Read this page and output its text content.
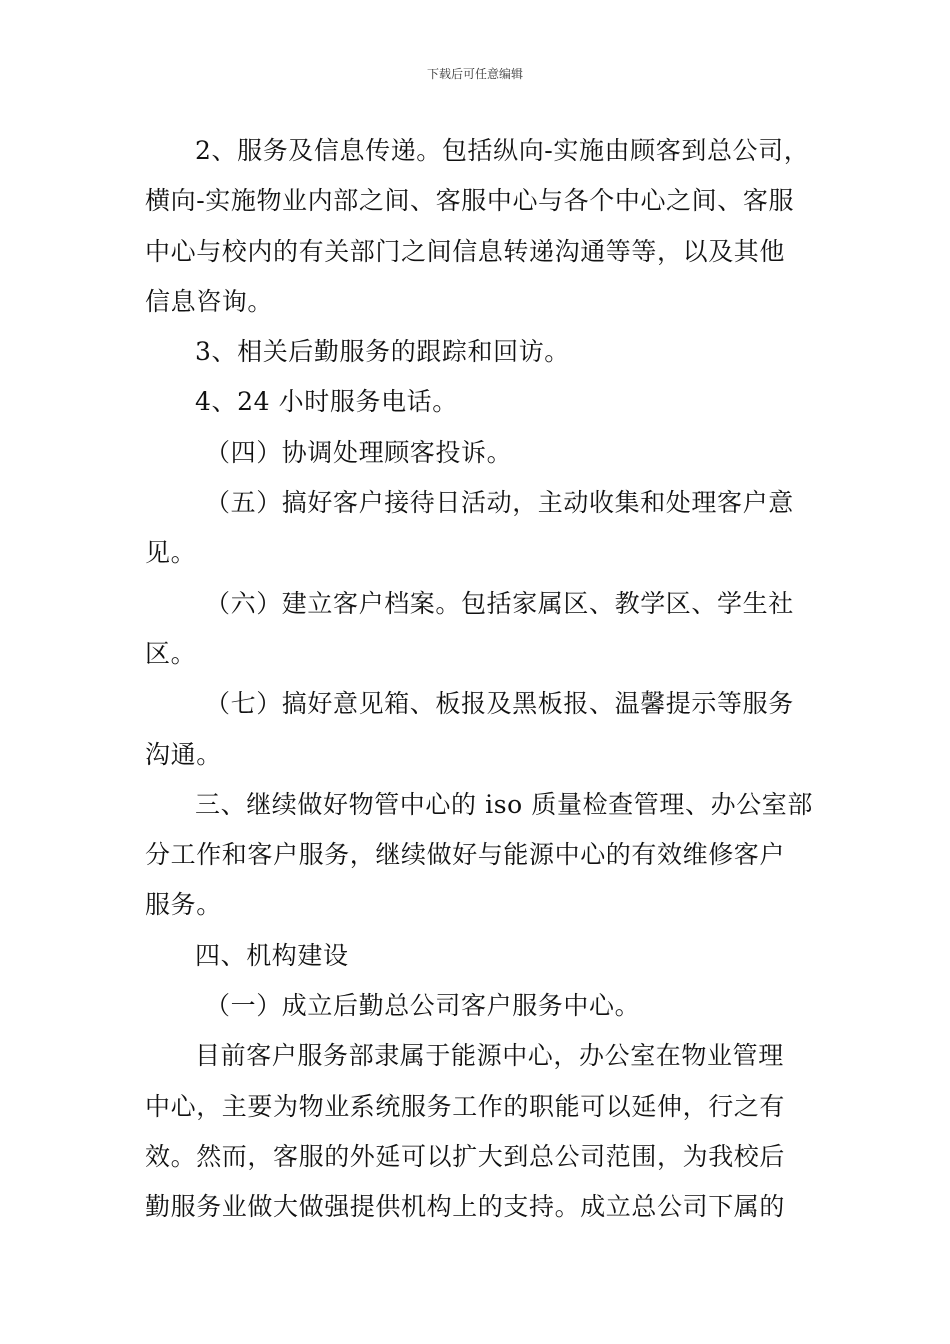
下载后可任意编辑
2、服务及信息传递。包括纵向-实施由顾客到总公司，
横向-实施物业内部之间、客服中心与各个中心之间、客服
中心与校内的有关部门之间信息转递沟通等等，以及其他
信息咨询。
3、相关后勤服务的跟踪和回访。
4、24 小时服务电话。
（四）协调处理顾客投诉。
（五）搞好客户接待日活动，主动收集和处理客户意
见。
（六）建立客户档案。包括家属区、教学区、学生社
区。
（七）搞好意见箱、板报及黑板报、温馨提示等服务
沟通。
三、继续做好物管中心的 iso 质量检查管理、办公室部
分工作和客户服务，继续做好与能源中心的有效维修客户
服务。
四、机构建设
（一）成立后勤总公司客户服务中心。
目前客户服务部隶属于能源中心，办公室在物业管理
中心，主要为物业系统服务工作的职能可以延伸，行之有
效。然而，客服的外延可以扩大到总公司范围，为我校后
勤服务业做大做强提供机构上的支持。成立总公司下属的
